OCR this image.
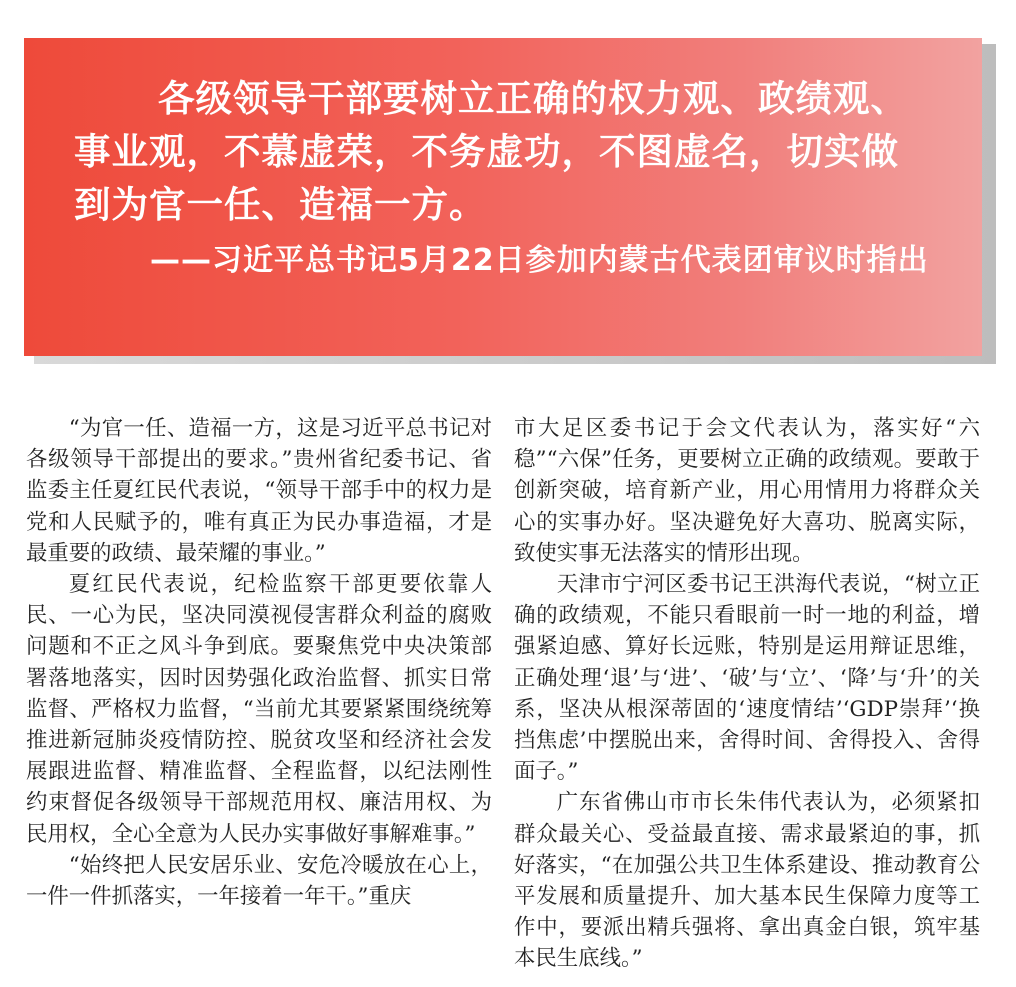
各级领导干部要树立正确的权力观、政绩观、事业观，不慕虚荣，不务虚功，不图虚名，切实做到为官一任、造福一方。

——习近平总书记5月22日参加内蒙古代表团审议时指出

“为官一任、造福一方，这是习近平总书记对各级领导干部提出的要求。”贵州省纪委书记、省监委主任夏红民代表说，“领导干部手中的权力是党和人民赋予的，唯有真正为民办事造福，才是最重要的政绩、最荣耀的事业。”

夏红民代表说，纪检监察干部更要依靠人民、一心为民，坚决同漠视侵害群众利益的腐败问题和不正之风斗争到底。要聚焦党中央决策部署落地落实，因时因势强化政治监督、抓实日常监督、严格权力监督，“当前尤其要紧紧围绕统筹推进新冠肺炎疫情防控、脱贫攻坚和经济社会发展跟进监督、精准监督、全程监督，以纪法刚性约束督促各级领导干部规范用权、廉洁用权、为民用权，全心全意为人民办实事做好事解难事。”

“始终把人民安居乐业、安危冷暖放在心上，一件一件抓落实，一年接着一年干。”重庆

市大足区委书记于会文代表认为，落实好“六稳”“六保”任务，更要树立正确的政绩观。要敢于创新突破，培育新产业，用心用情用力将群众关心的实事办好。坚决避免好大喜功、脱离实际，致使实事无法落实的情形出现。

天津市宁河区委书记王洪海代表说，“树立正确的政绩观，不能只看眼前一时一地的利益，增强紧迫感、算好长远账，特别是运用辩证思维，正确处理‘退’与‘进’、‘破’与‘立’、‘降’与‘升’的关系，坚决从根深蒂固的‘速度情结’‘GDP崇拜’‘换挡焦虑’中摆脱出来，舍得时间、舍得投入、舍得面子。”

广东省佛山市市长朱伟代表认为，必须紧扣群众最关心、受益最直接、需求最紧迫的事，抓好落实，“在加强公共卫生体系建设、推动教育公平发展和质量提升、加大基本民生保障力度等工作中，要派出精兵强将、拿出真金白银，筑牢基本民生底线。”
